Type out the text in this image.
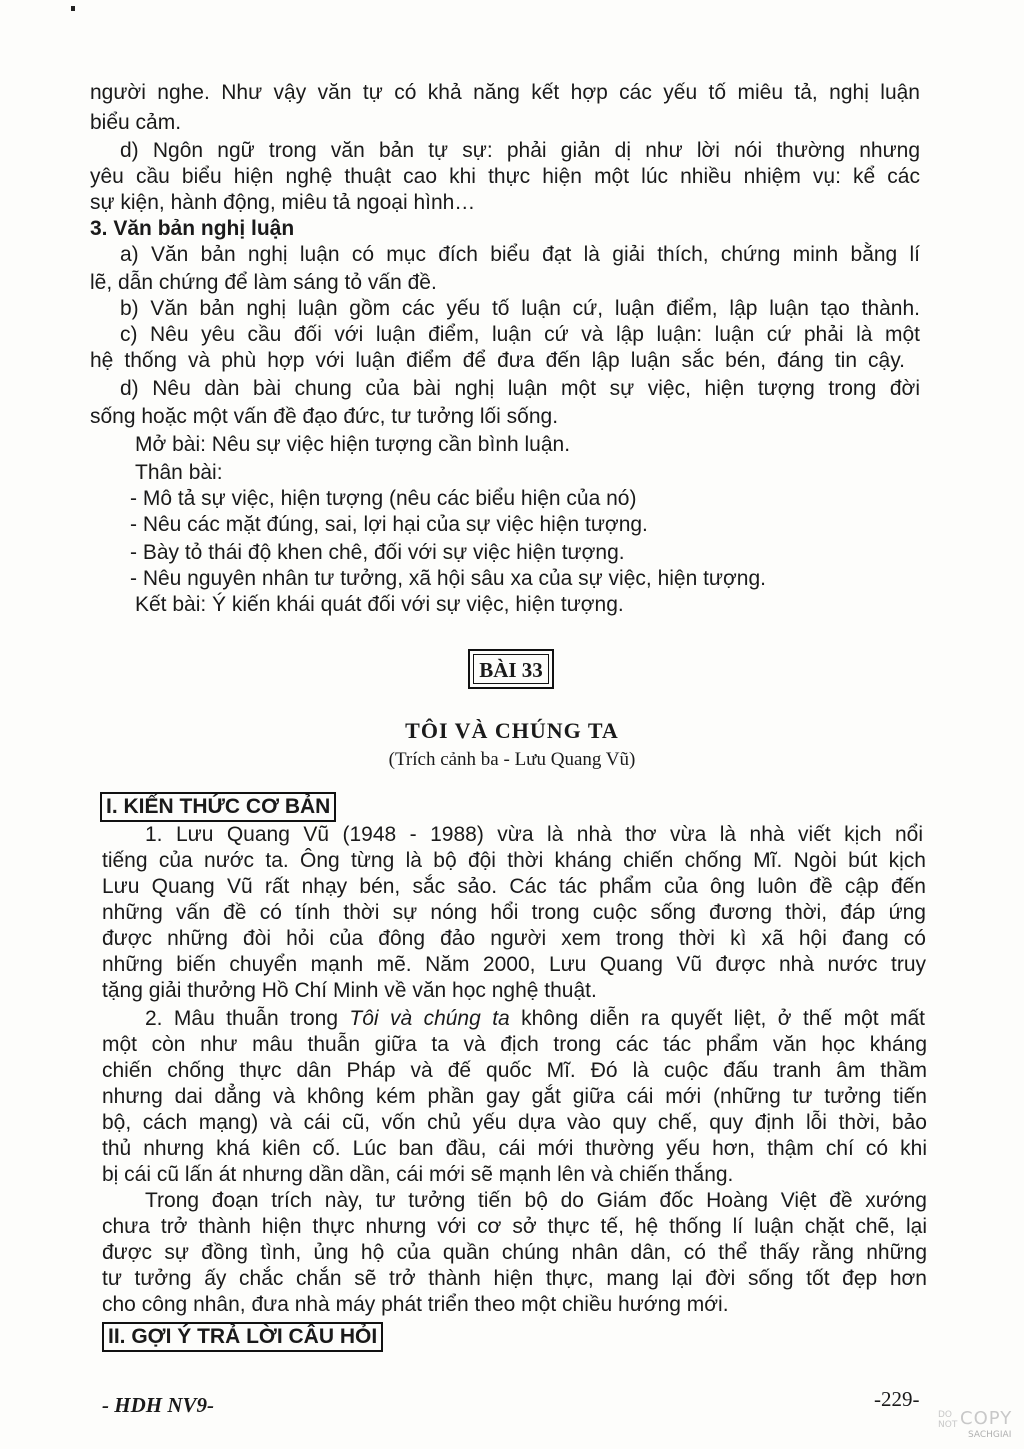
người nghe. Như vậy văn tự có khả năng kết hợp các yếu tố miêu tả, nghị luận
biểu cảm.
d) Ngôn ngữ trong văn bản tự sự: phải giản dị như lời nói thường nhưng
yêu cầu biểu hiện nghệ thuật cao khi thực hiện một lúc nhiều nhiệm vụ: kể các
sự kiện, hành động, miêu tả ngoại hình…
3. Văn bản nghị luận
a) Văn bản nghị luận có mục đích biểu đạt là giải thích, chứng minh bằng lí
lẽ, dẫn chứng để làm sáng tỏ vấn đề.
b) Văn bản nghị luận gồm các yếu tố luận cứ, luận điểm, lập luận tạo thành.
c) Nêu yêu cầu đối với luận điểm, luận cứ và lập luận: luận cứ phải là một
hệ thống và phù hợp với luận điểm để đưa đến lập luận sắc bén, đáng tin cậy.
d) Nêu dàn bài chung của bài nghị luận một sự việc, hiện tượng trong đời
sống hoặc một vấn đề đạo đức, tư tưởng lối sống.
Mở bài: Nêu sự việc hiện tượng cần bình luận.
Thân bài:
- Mô tả sự việc, hiện tượng (nêu các biểu hiện của nó)
- Nêu các mặt đúng, sai, lợi hại của sự việc hiện tượng.
- Bày tỏ thái độ khen chê, đối với sự việc hiện tượng.
- Nêu nguyên nhân tư tưởng, xã hội sâu xa của sự việc, hiện tượng.
Kết bài: Ý kiến khái quát đối với sự việc, hiện tượng.
BÀI 33
TÔI VÀ CHÚNG TA
(Trích cảnh ba - Lưu Quang Vũ)
I. KIẾN THỨC CƠ BẢN
1. Lưu Quang Vũ (1948 - 1988) vừa là nhà thơ vừa là nhà viết kịch nổi
tiếng của nước ta. Ông từng là bộ đội thời kháng chiến chống Mĩ. Ngòi bút kịch
Lưu Quang Vũ rất nhạy bén, sắc sảo. Các tác phẩm của ông luôn đề cập đến
những vấn đề có tính thời sự nóng hổi trong cuộc sống đương thời, đáp ứng
được những đòi hỏi của đông đảo người xem trong thời kì xã hội đang có
những biến chuyển mạnh mẽ. Năm 2000, Lưu Quang Vũ được nhà nước truy
tặng giải thưởng Hồ Chí Minh về văn học nghệ thuật.
2. Mâu thuẫn trong Tôi và chúng ta không diễn ra quyết liệt, ở thế một mất
một còn như mâu thuẫn giữa ta và địch trong các tác phẩm văn học kháng
chiến chống thực dân Pháp và đế quốc Mĩ. Đó là cuộc đấu tranh âm thầm
nhưng dai dẳng và không kém phần gay gắt giữa cái mới (những tư tưởng tiến
bộ, cách mạng) và cái cũ, vốn chủ yếu dựa vào quy chế, quy định lỗi thời, bảo
thủ nhưng khá kiên cố. Lúc ban đầu, cái mới thường yếu hơn, thậm chí có khi
bị cái cũ lấn át nhưng dần dần, cái mới sẽ mạnh lên và chiến thắng.
Trong đoạn trích này, tư tưởng tiến bộ do Giám đốc Hoàng Việt đề xướng
chưa trở thành hiện thực nhưng với cơ sở thực tế, hệ thống lí luận chặt chẽ, lại
được sự đồng tình, ủng hộ của quần chúng nhân dân, có thể thấy rằng những
tư tưởng ấy chắc chắn sẽ trở thành hiện thực, mang lại đời sống tốt đẹp hơn
cho công nhân, đưa nhà máy phát triển theo một chiều hướng mới.
II. GỢI Ý TRẢ LỜI CÂU HỎI
- HDH NV9-	-229-
DO
NOT COPY
SACHGIAI
